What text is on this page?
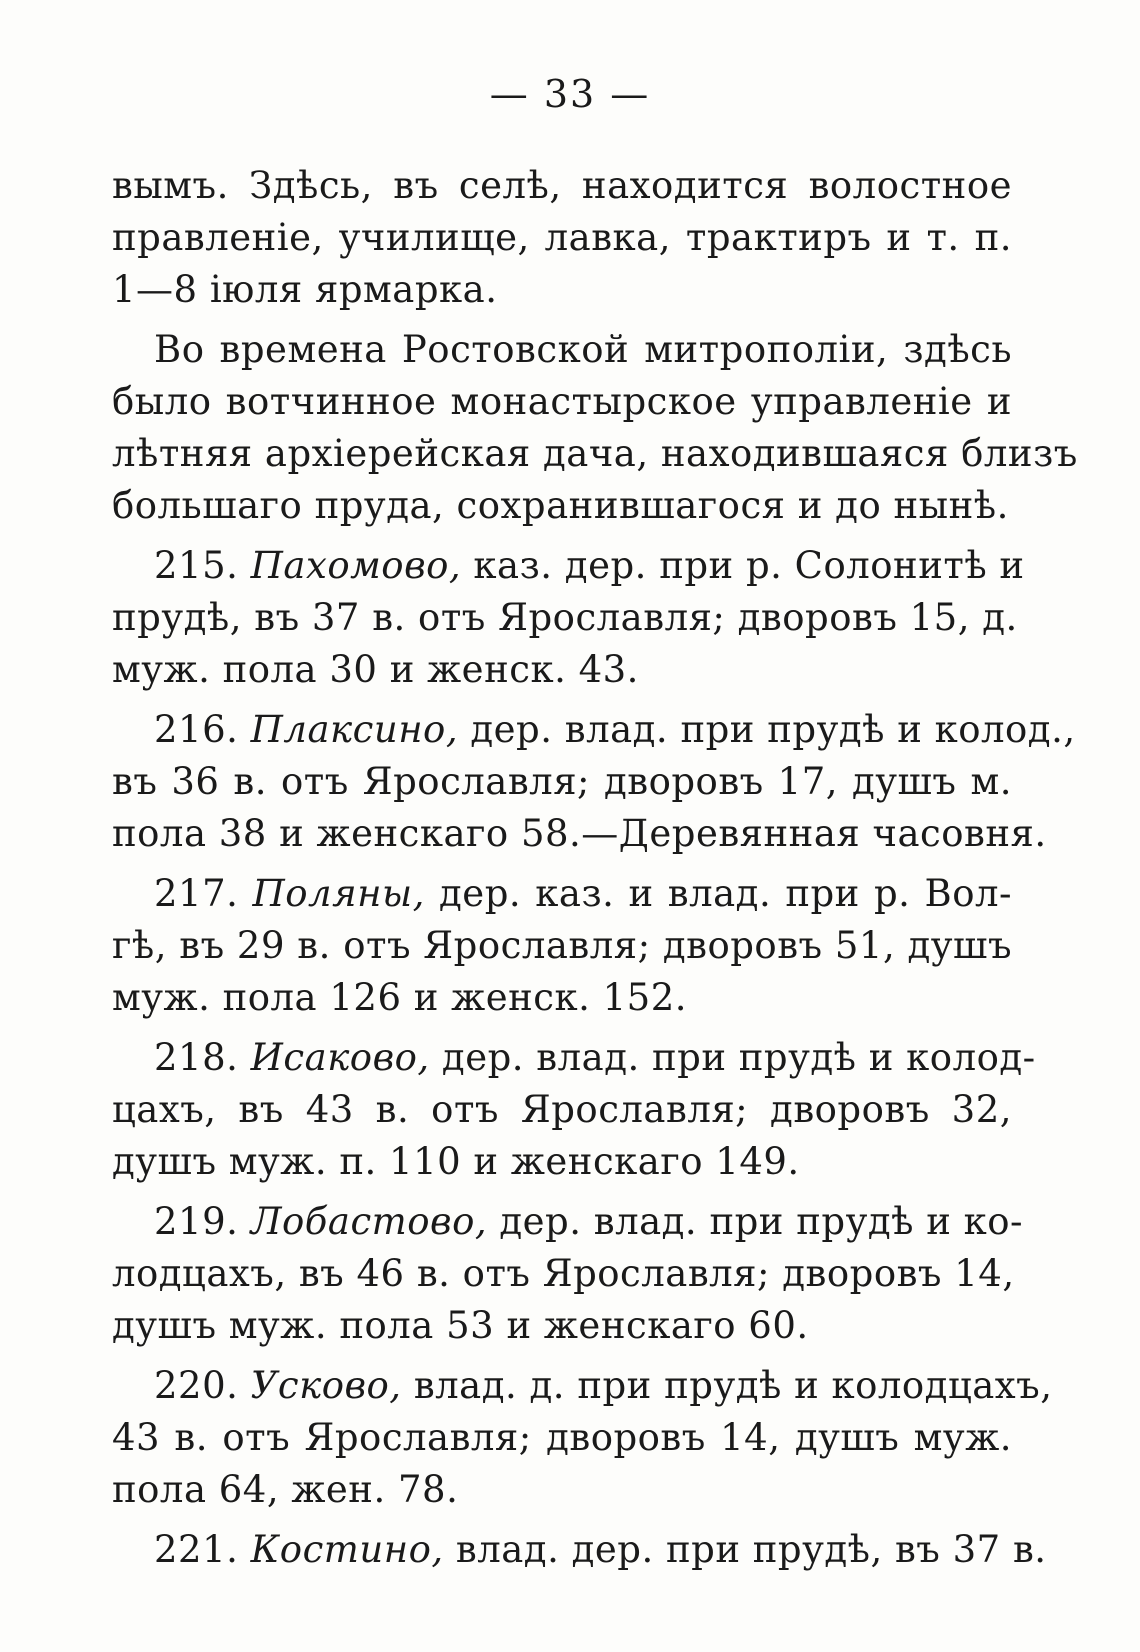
— 33 —
вымъ. Здѣсь, въ селѣ, находится волостное
правленіе, училище, лавка, трактиръ и т. п.
1—8 іюля ярмарка.
Во времена Ростовской митрополіи, здѣсь
было вотчинное монастырское управленіе и
лѣтняя архіерейская дача, находившаяся близъ
большаго пруда, сохранившагося и до нынѣ.
215. Пахомово, каз. дер. при р. Солонитѣ и
прудѣ, въ 37 в. отъ Ярославля; дворовъ 15, д.
муж. пола 30 и женск. 43.
216. Плаксино, дер. влад. при прудѣ и колод.,
въ 36 в. отъ Ярославля; дворовъ 17, душъ м.
пола 38 и женскаго 58.—Деревянная часовня.
217. Поляны, дер. каз. и влад. при р. Вол-
гѣ, въ 29 в. отъ Ярославля; дворовъ 51, душъ
муж. пола 126 и женск. 152.
218. Исаково, дер. влад. при прудѣ и колод-
цахъ, въ 43 в. отъ Ярославля; дворовъ 32,
душъ муж. п. 110 и женскаго 149.
219. Лобастово, дер. влад. при прудѣ и ко-
лодцахъ, въ 46 в. отъ Ярославля; дворовъ 14,
душъ муж. пола 53 и женскаго 60.
220. Усково, влад. д. при прудѣ и колодцахъ,
43 в. отъ Ярославля; дворовъ 14, душъ муж.
пола 64, жен. 78.
221. Костино, влад. дер. при прудѣ, въ 37 в.
